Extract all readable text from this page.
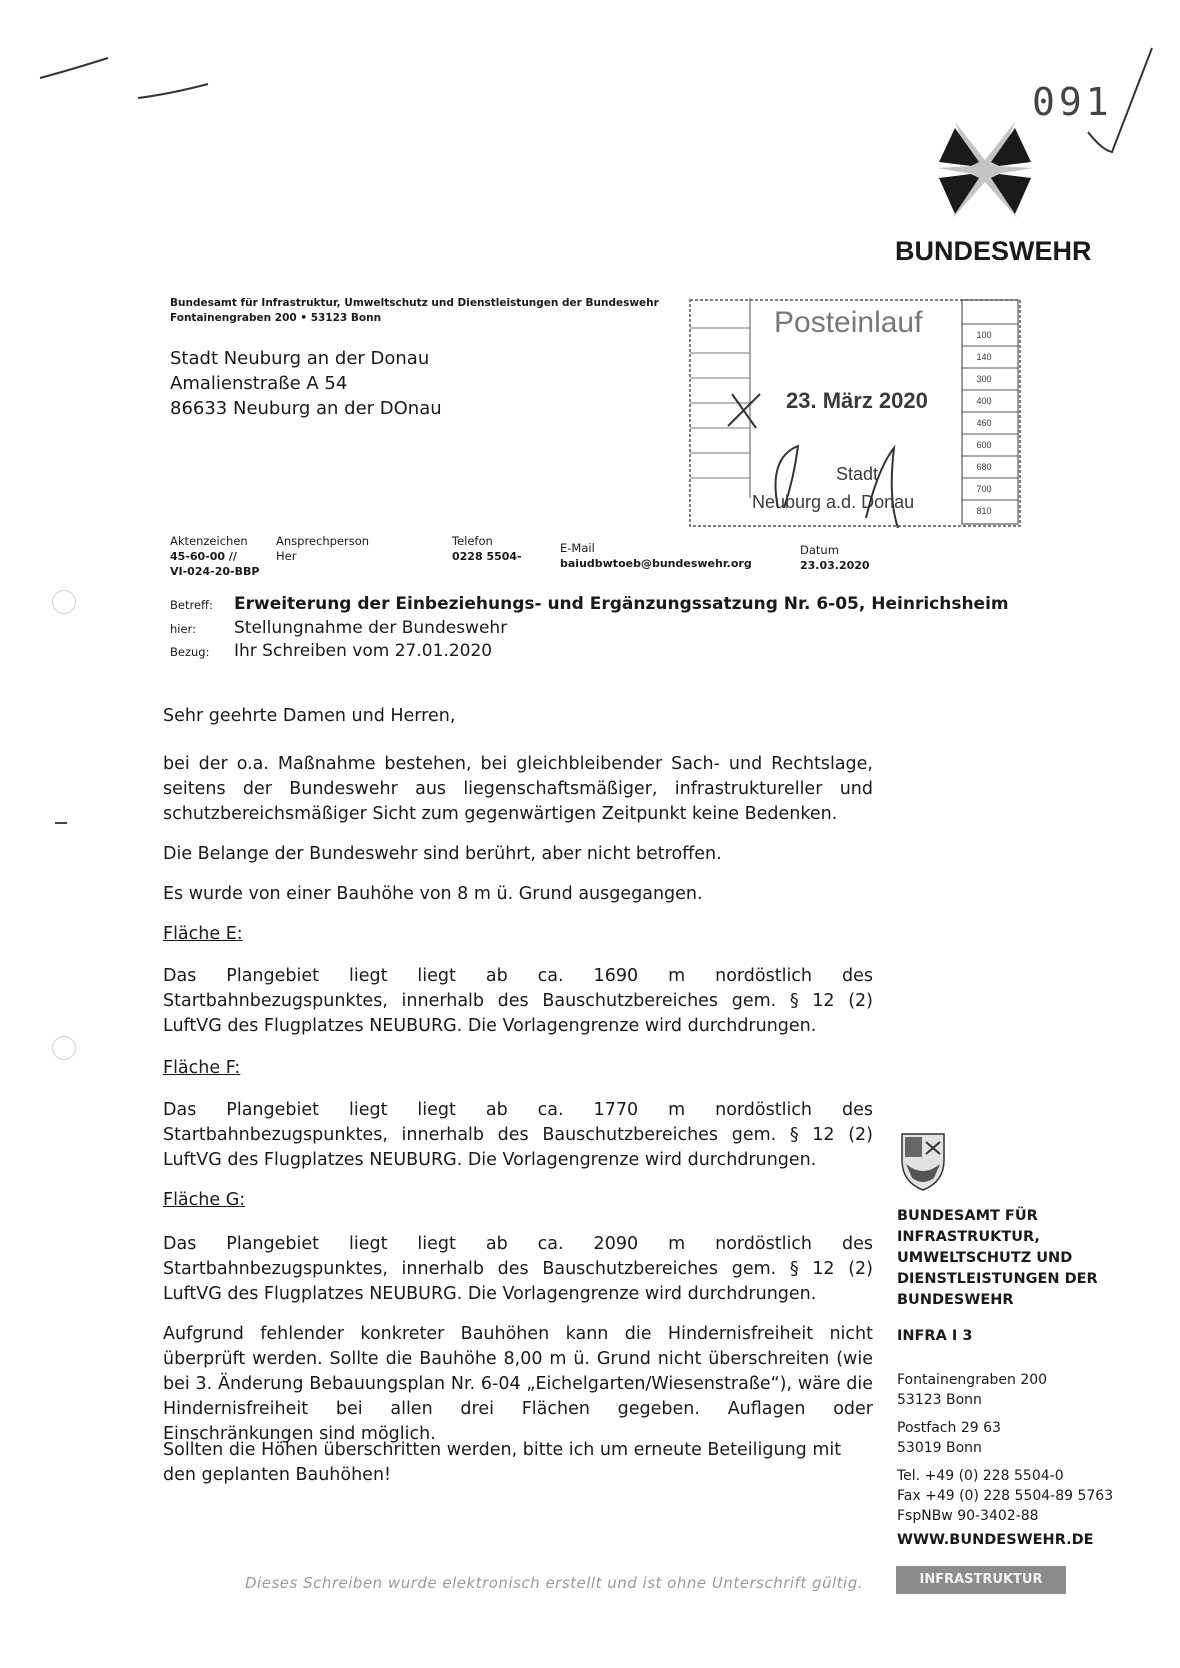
091
BUNDESWEHR
Bundesamt für Infrastruktur, Umweltschutz und Dienstleistungen der Bundeswehr
Fontainengraben 200 • 53123 Bonn
Stadt Neuburg an der Donau
Amalienstraße A 54
86633 Neuburg an der DOnau
100
140
300
400
460
600
680
700
810
Posteinlauf
23. März 2020
Stadt
Neuburg a.d. Donau
Aktenzeichen
45-60-00 //
VI-024-20-BBP
Ansprechperson
Her
Telefon
0228 5504-
E-Mail
baiudbwtoeb@bundeswehr.org
Datum
23.03.2020
Betreff: Erweiterung der Einbeziehungs- und Ergänzungssatzung Nr. 6-05, Heinrichsheim
hier: Stellungnahme der Bundeswehr
Bezug: Ihr Schreiben vom 27.01.2020
Sehr geehrte Damen und Herren,
bei der o.a. Maßnahme bestehen, bei gleichbleibender Sach- und Rechtslage, seitens der Bundeswehr aus liegenschaftsmäßiger, infrastruktureller und schutzbereichsmäßiger Sicht zum gegenwärtigen Zeitpunkt keine Bedenken.
Die Belange der Bundeswehr sind berührt, aber nicht betroffen.
Es wurde von einer Bauhöhe von 8 m ü. Grund ausgegangen.
Fläche E:
Das Plangebiet liegt liegt ab ca. 1690 m nordöstlich des Startbahnbezugspunktes, innerhalb des Bauschutzbereiches gem. § 12 (2) LuftVG des Flugplatzes NEUBURG. Die Vorlagengrenze wird durchdrungen.
Fläche F:
Das Plangebiet liegt liegt ab ca. 1770 m nordöstlich des Startbahnbezugspunktes, innerhalb des Bauschutzbereiches gem. § 12 (2) LuftVG des Flugplatzes NEUBURG. Die Vorlagengrenze wird durchdrungen.
Fläche G:
Das Plangebiet liegt liegt ab ca. 2090 m nordöstlich des Startbahnbezugspunktes, innerhalb des Bauschutzbereiches gem. § 12 (2) LuftVG des Flugplatzes NEUBURG. Die Vorlagengrenze wird durchdrungen.
Aufgrund fehlender konkreter Bauhöhen kann die Hindernisfreiheit nicht überprüft werden. Sollte die Bauhöhe 8,00 m ü. Grund nicht überschreiten (wie bei 3. Änderung Bebauungsplan Nr. 6-04 „Eichelgarten/Wiesenstraße“), wäre die Hindernisfreiheit bei allen drei Flächen gegeben. Auflagen oder Einschränkungen sind möglich.
Sollten die Höhen überschritten werden, bitte ich um erneute Beteiligung mit den geplanten Bauhöhen!
BUNDESAMT FÜR
INFRASTRUKTUR,
UMWELTSCHUTZ UND
DIENSTLEISTUNGEN DER
BUNDESWEHR
INFRA I 3
Fontainengraben 200
53123 Bonn
Postfach 29 63
53019 Bonn
Tel. +49 (0) 228 5504-0
Fax +49 (0) 228 5504-89 5763
FspNBw 90-3402-88
WWW.BUNDESWEHR.DE
Dieses Schreiben wurde elektronisch erstellt und ist ohne Unterschrift gültig.	INFRASTRUKTUR
